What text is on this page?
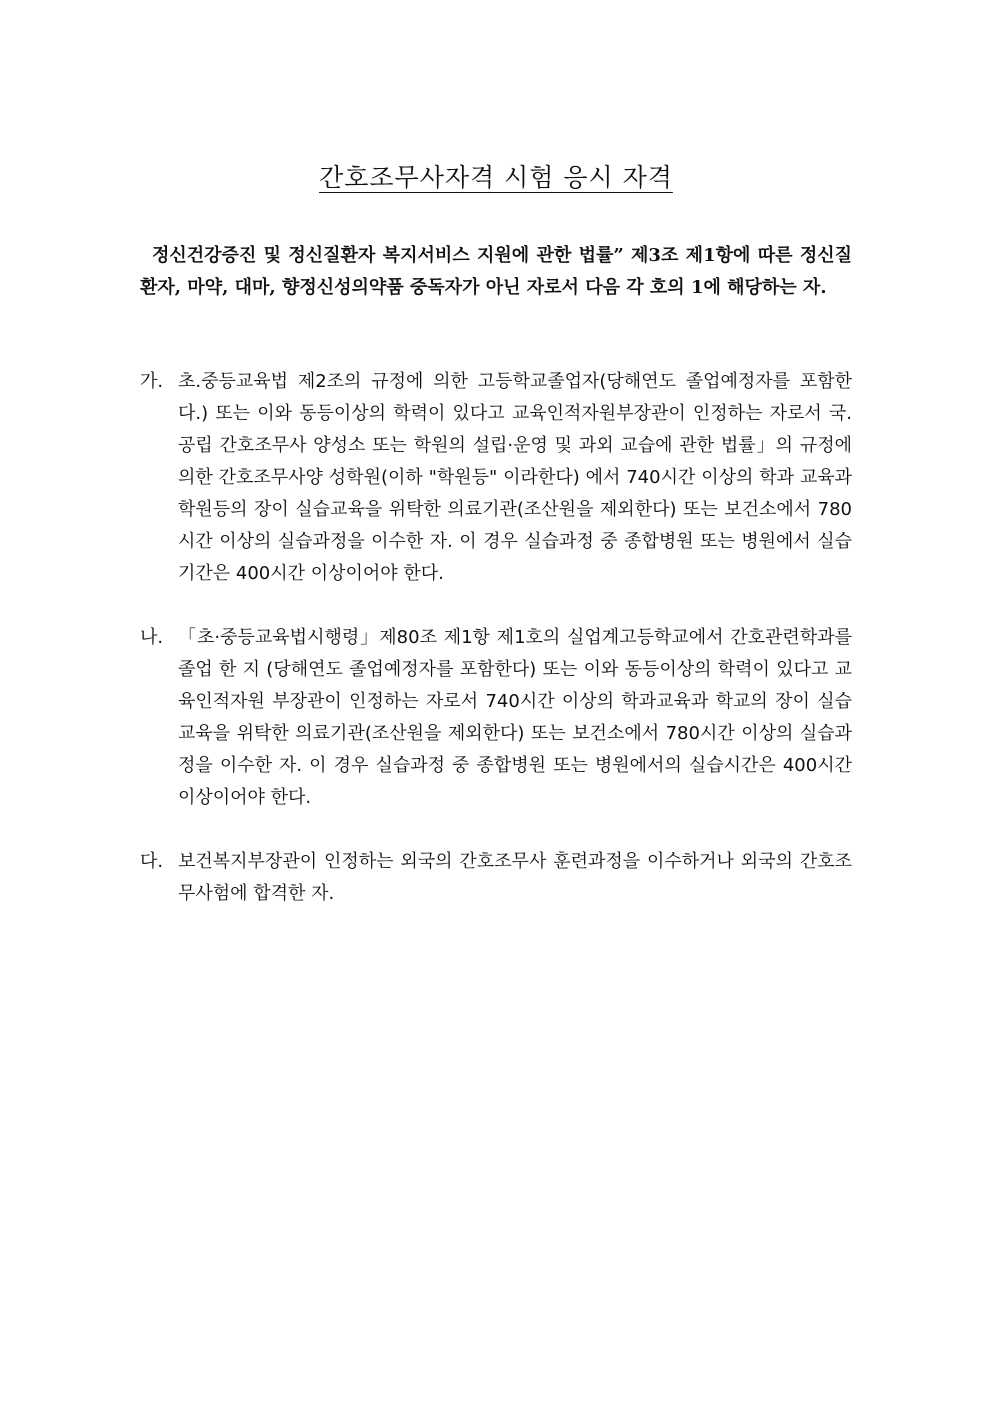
간호조무사자격 시험 응시 자격

정신건강증진 및 정신질환자 복지서비스 지원에 관한 법률” 제3조 제1항에 따른 정신질환자, 마약, 대마, 향정신성의약품 중독자가 아닌 자로서 다음 각 호의 1에 해당하는 자.

가. 초.중등교육법 제2조의 규정에 의한 고등학교졸업자(당해연도 졸업예정자를 포함한다.) 또는 이와 동등이상의 학력이 있다고 교육인적자원부장관이 인정하는 자로서 국.공립 간호조무사 양성소 또는 학원의 설립·운영 및 과외 교습에 관한 법률」의 규정에 의한 간호조무사양 성학원(이하 "학원등" 이라한다) 에서 740시간 이상의 학과 교육과 학원등의 장이 실습교육을 위탁한 의료기관(조산원을 제외한다) 또는 보건소에서 780시간 이상의 실습과정을 이수한 자. 이 경우 실습과정 중 종합병원 또는 병원에서 실습기간은 400시간 이상이어야 한다.
나. 「초·중등교육법시행령」제80조 제1항 제1호의 실업계고등학교에서 간호관련학과를 졸업 한 지 (당해연도 졸업예정자를 포함한다) 또는 이와 동등이상의 학력이 있다고 교육인적자원 부장관이 인정하는 자로서 740시간 이상의 학과교육과 학교의 장이 실습교육을 위탁한 의료기관(조산원을 제외한다) 또는 보건소에서 780시간 이상의 실습과정을 이수한 자. 이 경우 실습과정 중 종합병원 또는 병원에서의 실습시간은 400시간 이상이어야 한다.
다. 보건복지부장관이 인정하는 외국의 간호조무사 훈련과정을 이수하거나 외국의 간호조무사험에 합격한 자.
